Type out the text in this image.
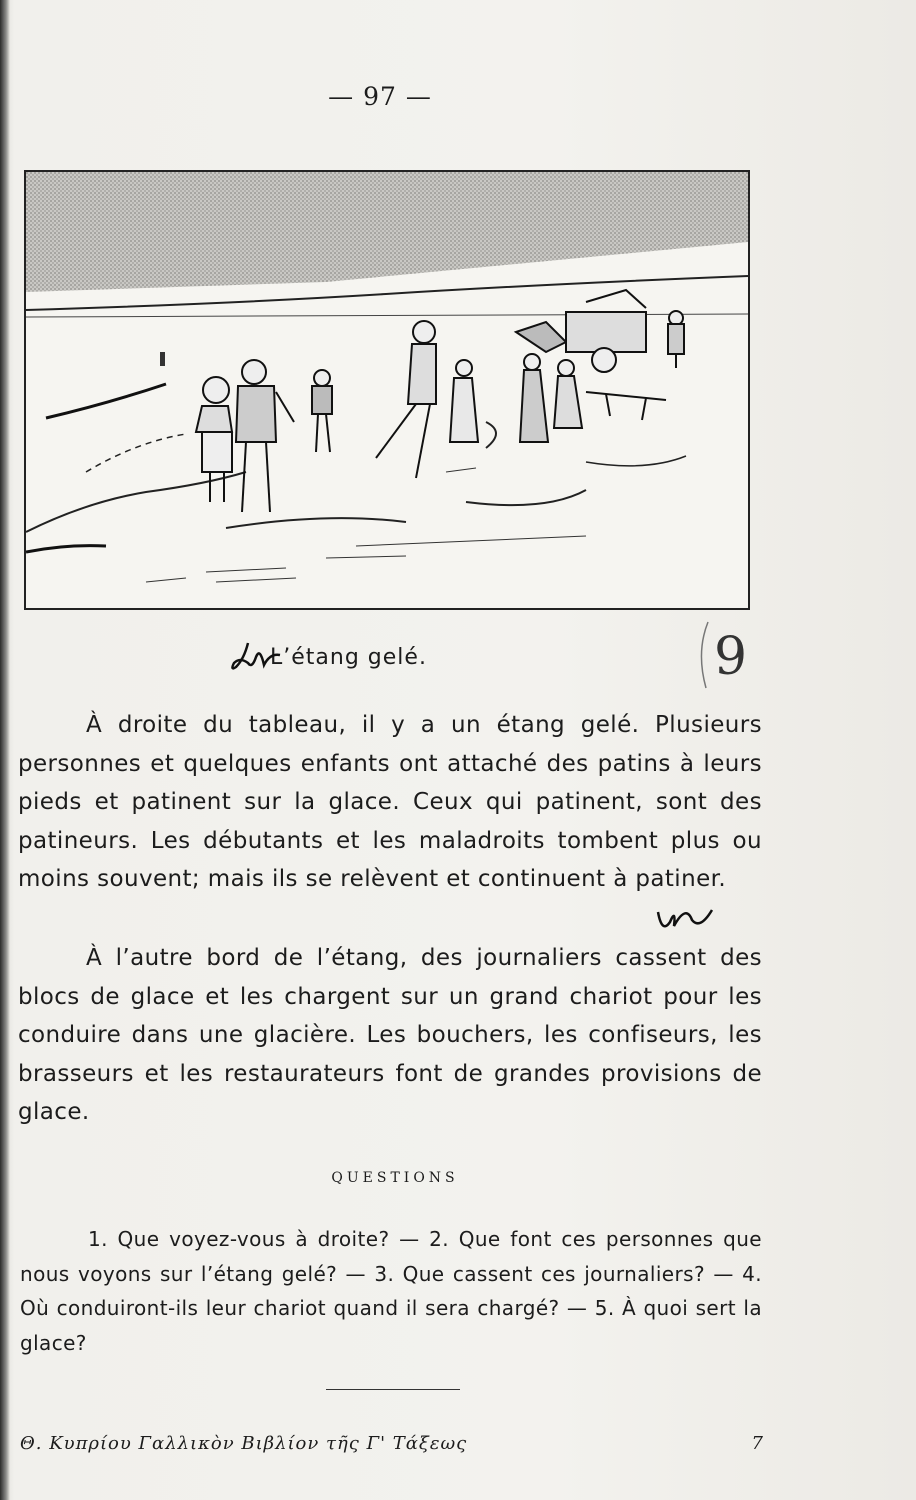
— 97 —
L’étang gelé.	9

À droite du tableau, il y a un étang gelé. Plusieurs personnes et quelques enfants ont attaché des patins à leurs pieds et patinent sur la glace. Ceux qui patinent, sont des patineurs. Les débutants et les maladroits tombent plus ou moins souvent; mais ils se relèvent et continuent à patiner.

À l’autre bord de l’étang, des journaliers cassent des blocs de glace et les chargent sur un grand chariot pour les conduire dans une glacière. Les bouchers, les confiseurs, les brasseurs et les restaurateurs font de grandes provisions de glace.

QUESTIONS

1. Que voyez-vous à droite? — 2. Que font ces personnes que nous voyons sur l’étang gelé? — 3. Que cassent ces journaliers? — 4. Où conduiront-ils leur chariot quand il sera chargé? — 5. À quoi sert la glace?

Θ. Κυπρίου Γαλλικὸν Βιβλίον τῆς Γ' Τάξεως	7
